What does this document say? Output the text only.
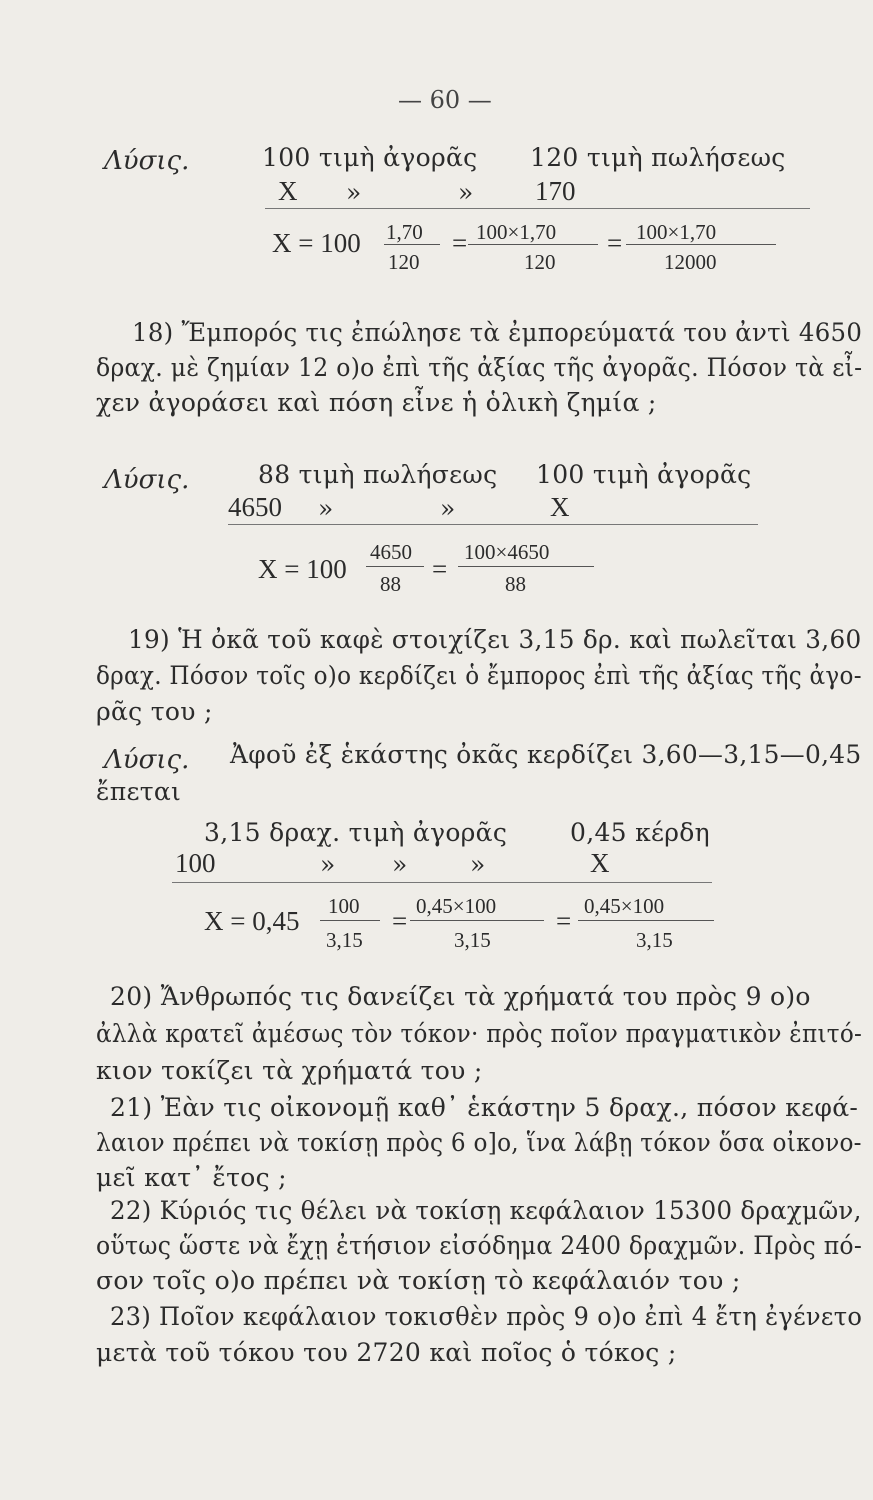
— 60 —
Λύσις.	100 τιμὴ ἀγορᾶς 120 τιμὴ πωλήσεως
X »	» 170
X = 100 1,70
120
= 100×1,70
120
= 100×1,70
12000
18) Ἔμπορός τις ἐπώλησε τὰ ἐμπορεύματά του ἀντὶ 4650
δραχ. μὲ ζημίαν 12 ο)ο ἐπὶ τῆς ἀξίας τῆς ἀγορᾶς. Πόσον τὰ εἶ-
χεν ἀγοράσει καὶ πόση εἶνε ἡ ὁλικὴ ζημία ;
Λύσις.	88 τιμὴ πωλήσεως 100 τιμὴ ἀγορᾶς
4650 »	»	X
X = 100
4650
88 =
100×4650
88
19) Ἡ ὀκᾶ τοῦ καφὲ στοιχίζει 3,15 δρ. καὶ πωλεῖται 3,60
δραχ. Πόσον τοῖς ο)ο κερδίζει ὁ ἔμπορος ἐπὶ τῆς ἀξίας τῆς ἀγο-
ρᾶς του ;
Λύσις. Ἀφοῦ ἐξ ἑκάστης ὀκᾶς κερδίζει 3,60—3,15—0,45
ἔπεται
3,15 δραχ. τιμὴ ἀγορᾶς	0,45 κέρδη
100	» » »	X
X = 0,45 100
3,15
= 0,45×100
3,15
= 0,45×100
3,15
20) Ἄνθρωπός τις δανείζει τὰ χρήματά του πρὸς 9 ο)ο
ἀλλὰ κρατεῖ ἀμέσως τὸν τόκον· πρὸς ποῖον πραγματικὸν ἐπιτό-
κιον τοκίζει τὰ χρήματά του ;
21) Ἐὰν τις οἰκονομῇ καθ᾿ ἑκάστην 5 δραχ., πόσον κεφά-
λαιον πρέπει νὰ τοκίσῃ πρὸς 6 ο]ο, ἵνα λάβῃ τόκον ὅσα οἰκονο-
μεῖ κατ᾿ ἔτος ;
22) Κύριός τις θέλει νὰ τοκίσῃ κεφάλαιον 15300 δραχμῶν,
οὕτως ὥστε νὰ ἔχῃ ἐτήσιον εἰσόδημα 2400 δραχμῶν. Πρὸς πό-
σον τοῖς ο)ο πρέπει νὰ τοκίσῃ τὸ κεφάλαιόν του ;
23) Ποῖον κεφάλαιον τοκισθὲν πρὸς 9 ο)ο ἐπὶ 4 ἔτη ἐγένετο
μετὰ τοῦ τόκου του 2720 καὶ ποῖος ὁ τόκος ;
